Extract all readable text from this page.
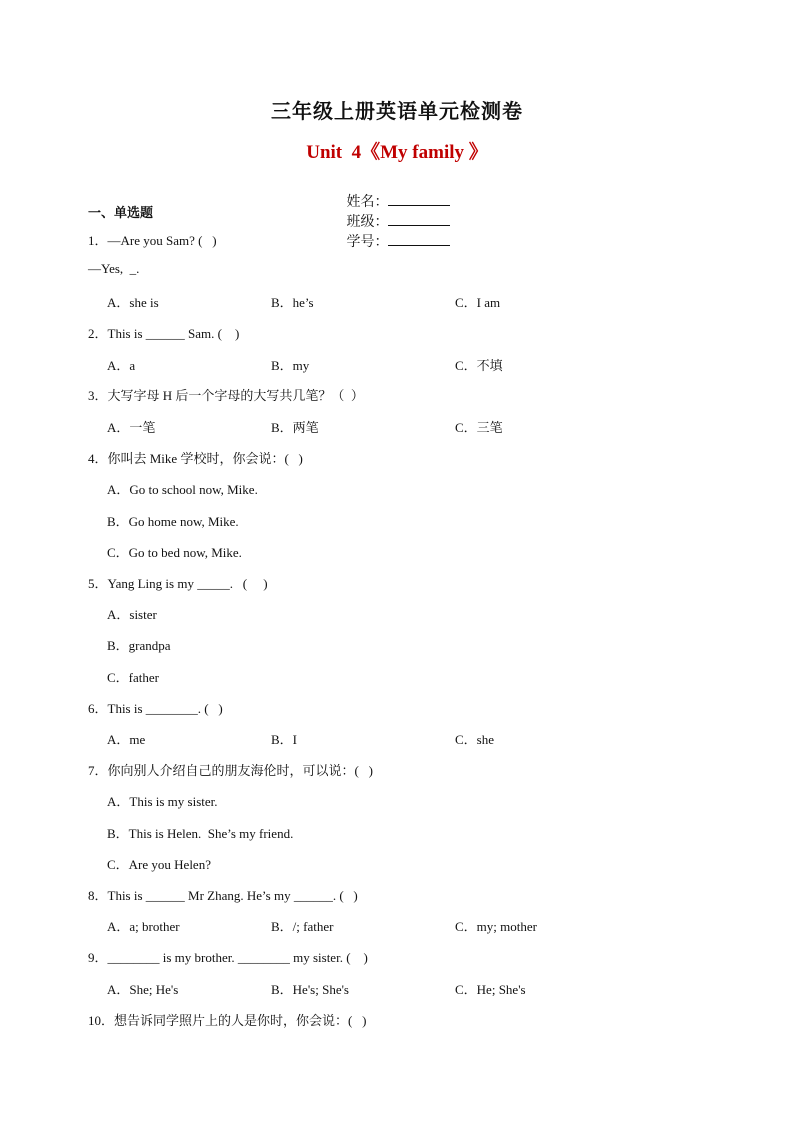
三年级上册英语单元检测卷
Unit  4《My family 》

姓名：
班级：
学号：

一、单选题
1．—Are you Sam? (   )
—Yes,  _.
A．she is	B．he’s	C．I am
2．This is ______ Sam. (    )
A．a	B．my	C．不填
3．大写字母 H 后一个字母的大写共几笔？（  ）
A．一笔	B．两笔	C．三笔
4．你叫去 Mike 学校时，你会说：(   )
A．Go to school now, Mike.
B．Go home now, Mike.
C．Go to bed now, Mike.
5．Yang Ling is my _____.   (     )
A．sister
B．grandpa
C．father
6．This is ________. (   )
A．me	B．I	C．she
7．你向别人介绍自己的朋友海伦时，可以说：(   )
A．This is my sister.
B．This is Helen.  She’s my friend.
C．Are you Helen?
8．This is ______ Mr Zhang. He’s my ______. (   )
A．a; brother	B．/; father	C．my; mother
9．________ is my brother. ________ my sister. (    )
A．She; He's	B．He's; She's	C．He; She's
10．想告诉同学照片上的人是你时，你会说：(   )
